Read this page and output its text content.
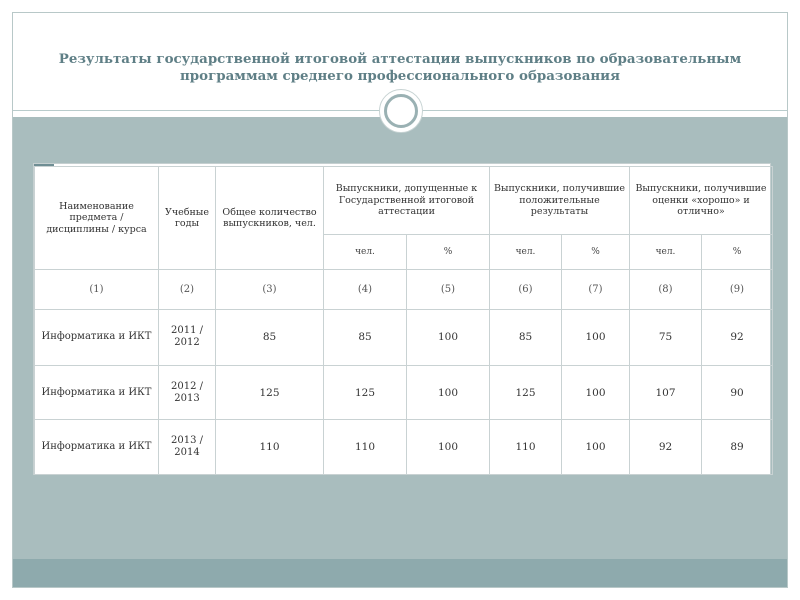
Результаты государственной итоговой аттестации выпускников по образовательным программам среднего профессионального образования
Наименование предмета / дисциплины / курса	Учебные годы	Общее количество выпускников, чел.	Выпускники, допущенные к Государственной итоговой аттестации		Выпускники, получившие положительные результаты		Выпускники, получившие оценки «хорошо» и отлично»	
			чел.	%	чел.	%	чел.	%
(1)	(2)	(3)	(4)	(5)	(6)	(7)	(8)	(9)
Информатика и ИКТ	2011 / 2012	85	85	100	85	100	75	92
Информатика и ИКТ	2012 / 2013	125	125	100	125	100	107	90
Информатика и ИКТ	2013 / 2014	110	110	100	110	100	92	89
